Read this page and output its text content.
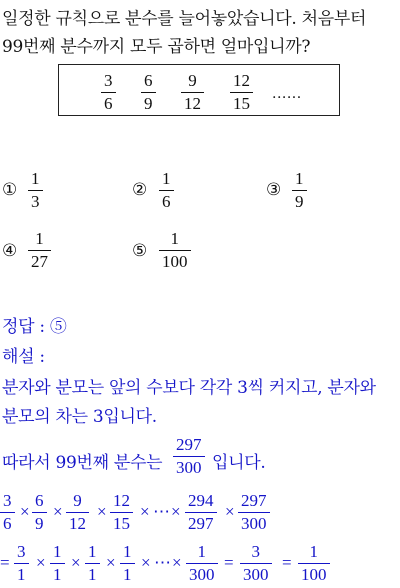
일정한 규칙으로 분수를 늘어놓았습니다. 처음부터
99번째 분수까지 모두 곱하면 얼마입니까?
3
6
6
9
9
12
12
15
......
①
1
3
②
1
6
③
1
9
④
1
27
⑤
1
100
정답 : ⑤
해설 :
분자와 분모는 앞의 수보다 각각 3씩 커지고, 분자와
분모의 차는 3입니다.
따라서 99번째 분수는
297
300 입니다.
3
6
×
6
9
×
9
12
×
12
15
× ⋯ ×
294
297
×
297
300
=
3
1
×
1
1
×
1
1
×
1
1
× ⋯ ×
1
300
=
3
300
=
1
100
